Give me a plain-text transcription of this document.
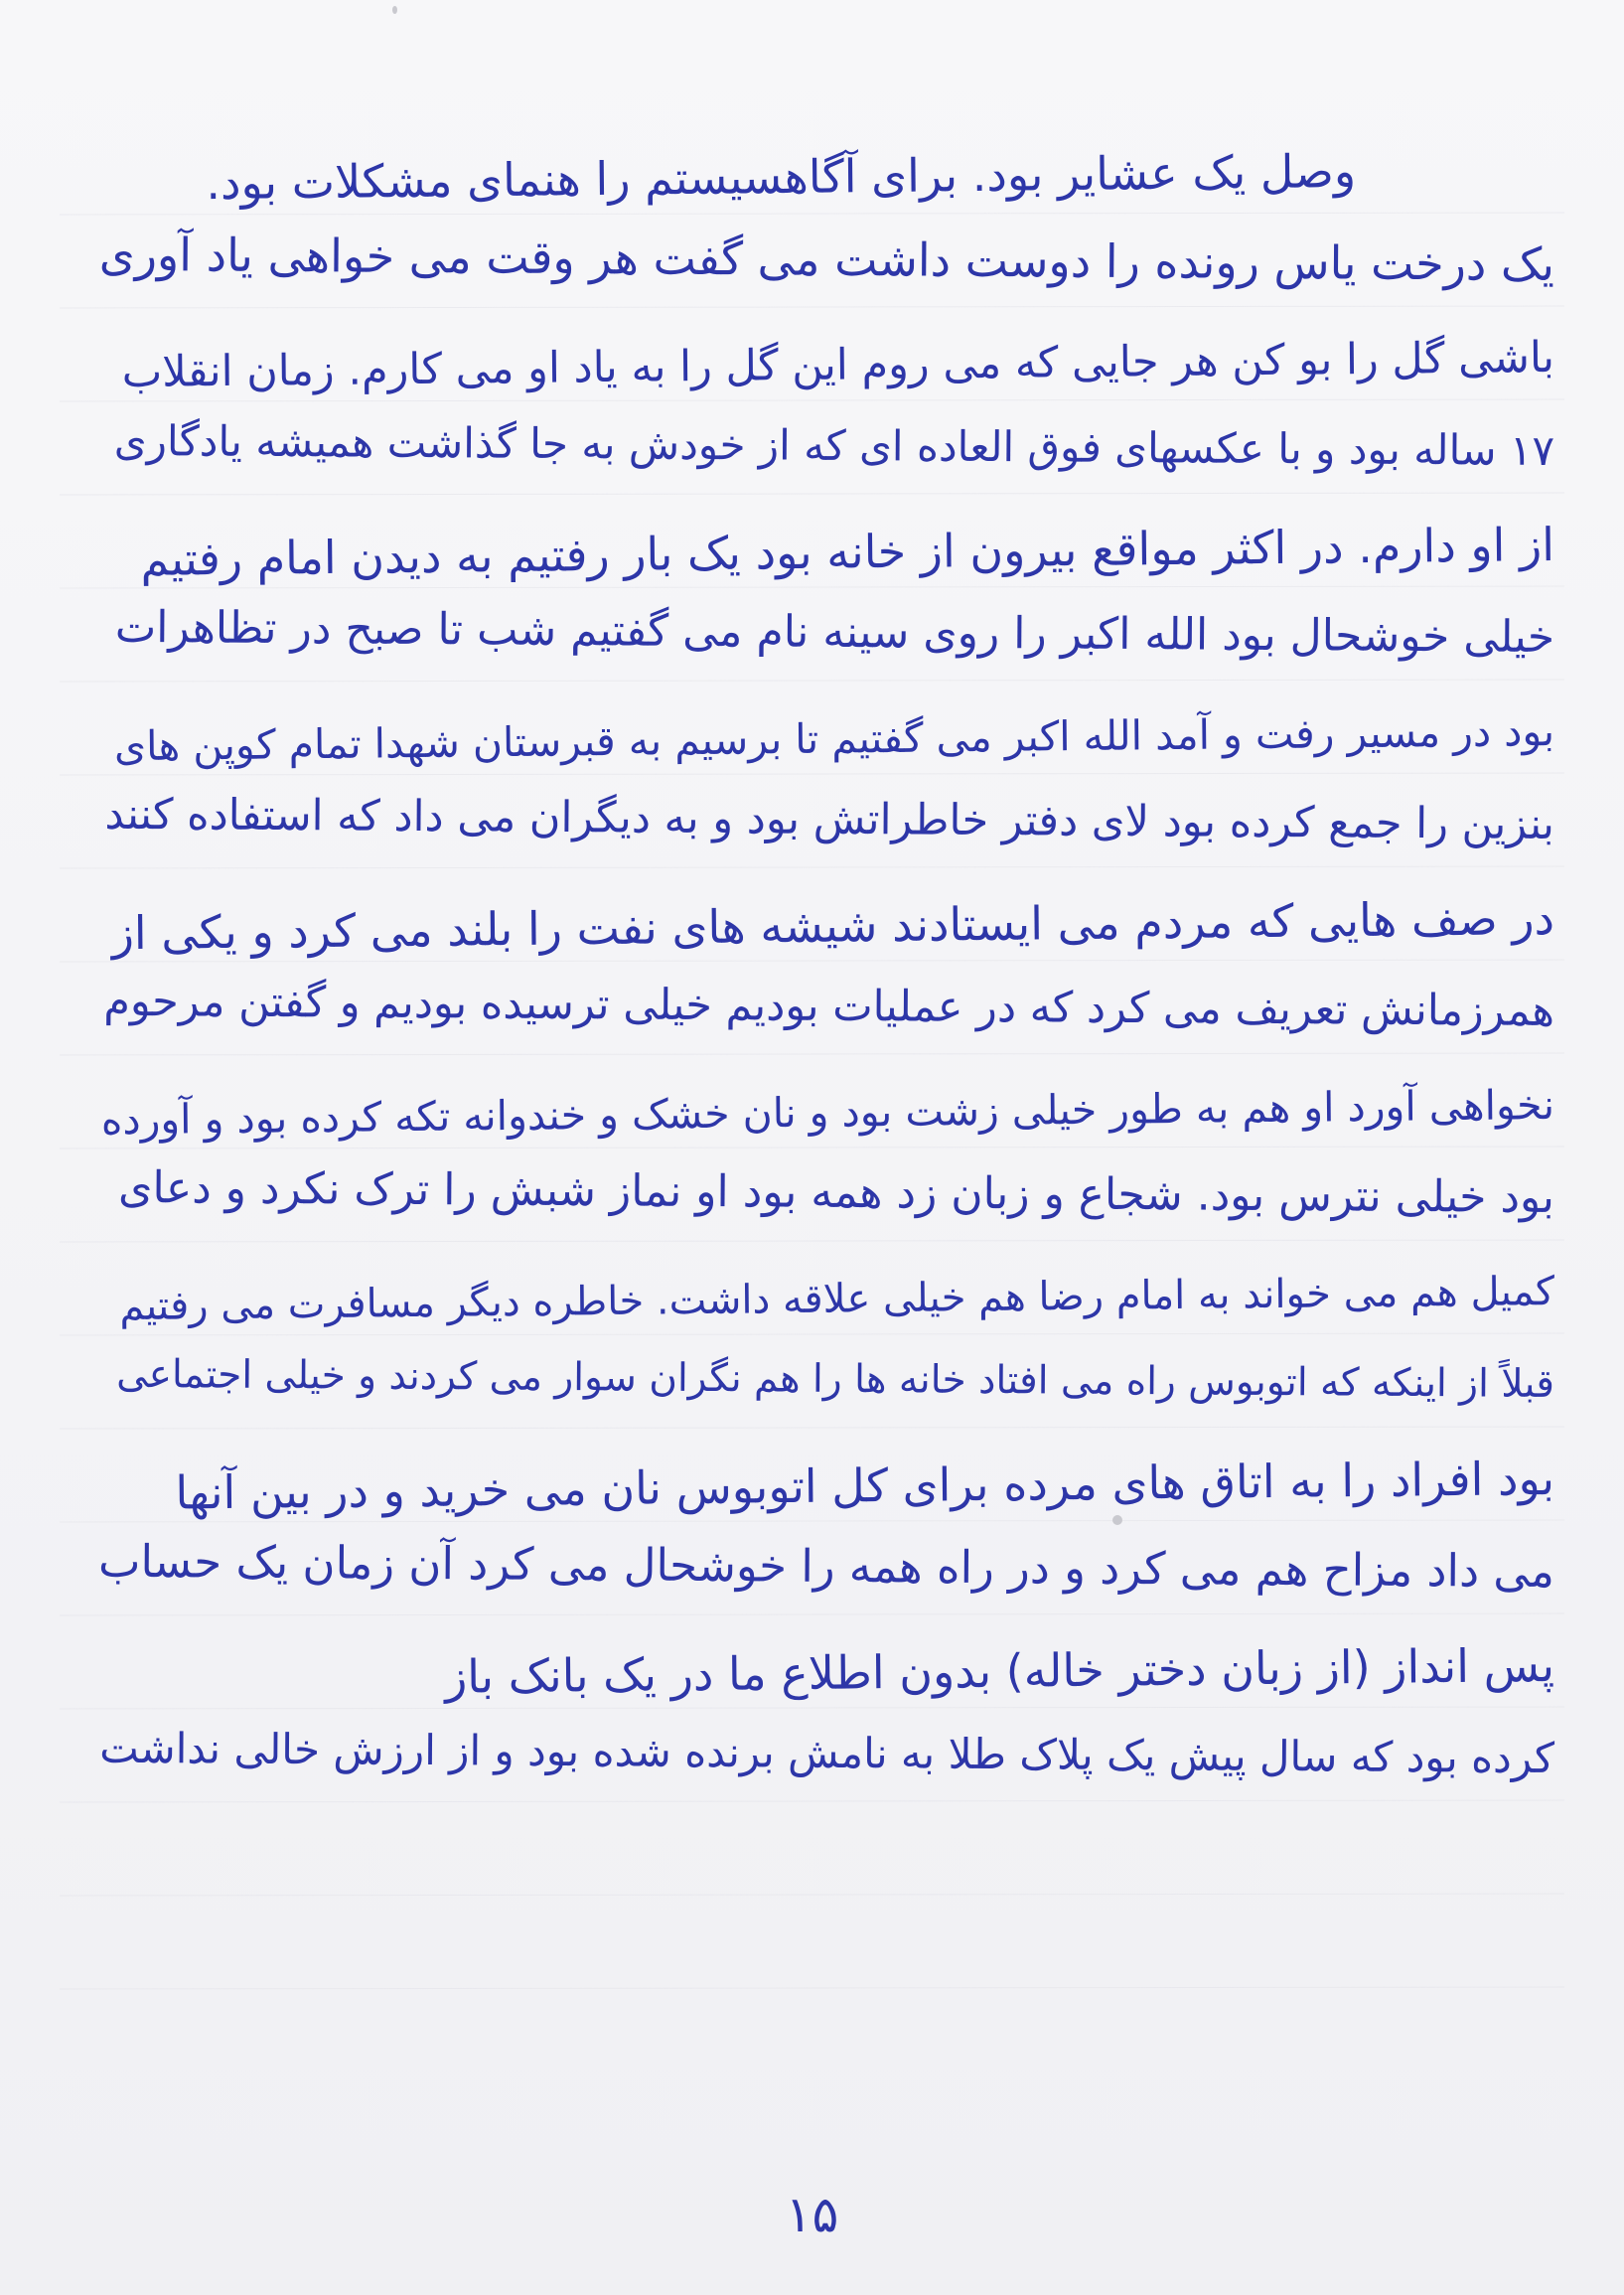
وصل یک عشایر بود. برای آگاهسیستم را هنمای مشکلات بود.
یک درخت یاس رونده را دوست داشت می گفت هر وقت می خواهی یاد آوری
باشی گل را بو کن هر جایی که می روم این گل را به یاد او می کارم. زمان انقلاب
۱۷ ساله بود و با عکسهای فوق العاده ای که از خودش به جا گذاشت همیشه یادگاری
از او دارم. در اکثر مواقع بیرون از خانه بود یک بار رفتیم به دیدن امام رفتیم
خیلی خوشحال بود الله اکبر را روی سینه نام می گفتیم شب تا صبح در تظاهرات
بود در مسیر رفت و آمد الله اکبر می گفتیم تا برسیم به قبرستان شهدا تمام کوپن های
بنزین را جمع کرده بود لای دفتر خاطراتش بود و به دیگران می داد که استفاده کنند
در صف هایی که مردم می ایستادند شیشه های نفت را بلند می کرد و یکی از
همرزمانش تعریف می کرد که در عملیات بودیم خیلی ترسیده بودیم و گفتن مرحوم
نخواهی آورد او هم به طور خیلی زشت بود و نان خشک و خندوانه تکه کرده بود و آورده
بود خیلی نترس بود. شجاع و زبان زد همه بود او نماز شبش را ترک نکرد و دعای
کمیل هم می خواند به امام رضا هم خیلی علاقه داشت. خاطره دیگر مسافرت می رفتیم
قبلاً از اینکه که اتوبوس راه می افتاد خانه ها را هم نگران سوار می کردند و خیلی اجتماعی
بود افراد را به اتاق های مرده برای کل اتوبوس نان می خرید و در بین آنها
می داد مزاح هم می کرد و در راه همه را خوشحال می کرد آن زمان یک حساب
پس انداز (از زبان دختر خاله) بدون اطلاع ما در یک بانک باز
کرده بود که سال پیش یک پلاک طلا به نامش برنده شده بود و از ارزش خالی نداشت
۱۵
